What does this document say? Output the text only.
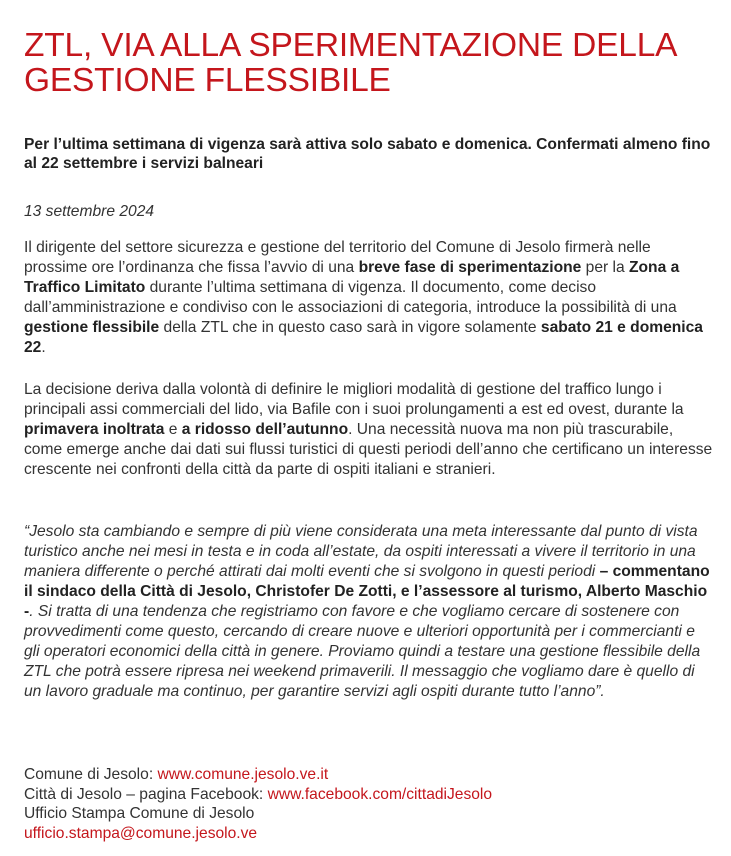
ZTL, VIA ALLA SPERIMENTAZIONE DELLA GESTIONE FLESSIBILE

Per l’ultima settimana di vigenza sarà attiva solo sabato e domenica. Confermati almeno fino al 22 settembre i servizi balneari

13 settembre 2024

Il dirigente del settore sicurezza e gestione del territorio del Comune di Jesolo firmerà nelle prossime ore l’ordinanza che fissa l’avvio di una breve fase di sperimentazione per la Zona a Traffico Limitato durante l’ultima settimana di vigenza. Il documento, come deciso dall’amministrazione e condiviso con le associazioni di categoria, introduce la possibilità di una gestione flessibile della ZTL che in questo caso sarà in vigore solamente sabato 21 e domenica 22.

La decisione deriva dalla volontà di definire le migliori modalità di gestione del traffico lungo i principali assi commerciali del lido, via Bafile con i suoi prolungamenti a est ed ovest, durante la primavera inoltrata e a ridosso dell’autunno. Una necessità nuova ma non più trascurabile, come emerge anche dai dati sui flussi turistici di questi periodi dell’anno che certificano un interesse crescente nei confronti della città da parte di ospiti italiani e stranieri.

“Jesolo sta cambiando e sempre di più viene considerata una meta interessante dal punto di vista turistico anche nei mesi in testa e in coda all’estate, da ospiti interessati a vivere il territorio in una maniera differente o perché attirati dai molti eventi che si svolgono in questi periodi – commentano il sindaco della Città di Jesolo, Christofer De Zotti, e l’assessore al turismo, Alberto Maschio -. Si tratta di una tendenza che registriamo con favore e che vogliamo cercare di sostenere con provvedimenti come questo, cercando di creare nuove e ulteriori opportunità per i commercianti e gli operatori economici della città in genere. Proviamo quindi a testare una gestione flessibile della ZTL che potrà essere ripresa nei weekend primaverili. Il messaggio che vogliamo dare è quello di un lavoro graduale ma continuo, per garantire servizi agli ospiti durante tutto l’anno”.

Comune di Jesolo: www.comune.jesolo.ve.it
Città di Jesolo – pagina Facebook: www.facebook.com/cittadiJesolo
Ufficio Stampa Comune di Jesolo
ufficio.stampa@comune.jesolo.ve
